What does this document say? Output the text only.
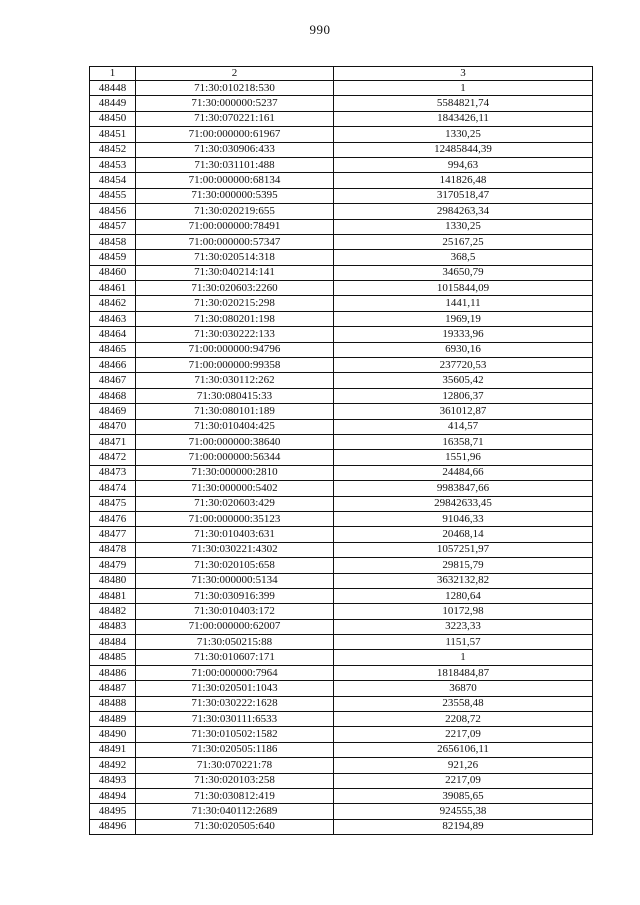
990
1	2	3
48448	71:30:010218:530	1
48449	71:30:000000:5237	5584821,74
48450	71:30:070221:161	1843426,11
48451	71:00:000000:61967	1330,25
48452	71:30:030906:433	12485844,39
48453	71:30:031101:488	994,63
48454	71:00:000000:68134	141826,48
48455	71:30:000000:5395	3170518,47
48456	71:30:020219:655	2984263,34
48457	71:00:000000:78491	1330,25
48458	71:00:000000:57347	25167,25
48459	71:30:020514:318	368,5
48460	71:30:040214:141	34650,79
48461	71:30:020603:2260	1015844,09
48462	71:30:020215:298	1441,11
48463	71:30:080201:198	1969,19
48464	71:30:030222:133	19333,96
48465	71:00:000000:94796	6930,16
48466	71:00:000000:99358	237720,53
48467	71:30:030112:262	35605,42
48468	71:30:080415:33	12806,37
48469	71:30:080101:189	361012,87
48470	71:30:010404:425	414,57
48471	71:00:000000:38640	16358,71
48472	71:00:000000:56344	1551,96
48473	71:30:000000:2810	24484,66
48474	71:30:000000:5402	9983847,66
48475	71:30:020603:429	29842633,45
48476	71:00:000000:35123	91046,33
48477	71:30:010403:631	20468,14
48478	71:30:030221:4302	1057251,97
48479	71:30:020105:658	29815,79
48480	71:30:000000:5134	3632132,82
48481	71:30:030916:399	1280,64
48482	71:30:010403:172	10172,98
48483	71:00:000000:62007	3223,33
48484	71:30:050215:88	1151,57
48485	71:30:010607:171	1
48486	71:00:000000:7964	1818484,87
48487	71:30:020501:1043	36870
48488	71:30:030222:1628	23558,48
48489	71:30:030111:6533	2208,72
48490	71:30:010502:1582	2217,09
48491	71:30:020505:1186	2656106,11
48492	71:30:070221:78	921,26
48493	71:30:020103:258	2217,09
48494	71:30:030812:419	39085,65
48495	71:30:040112:2689	924555,38
48496	71:30:020505:640	82194,89
